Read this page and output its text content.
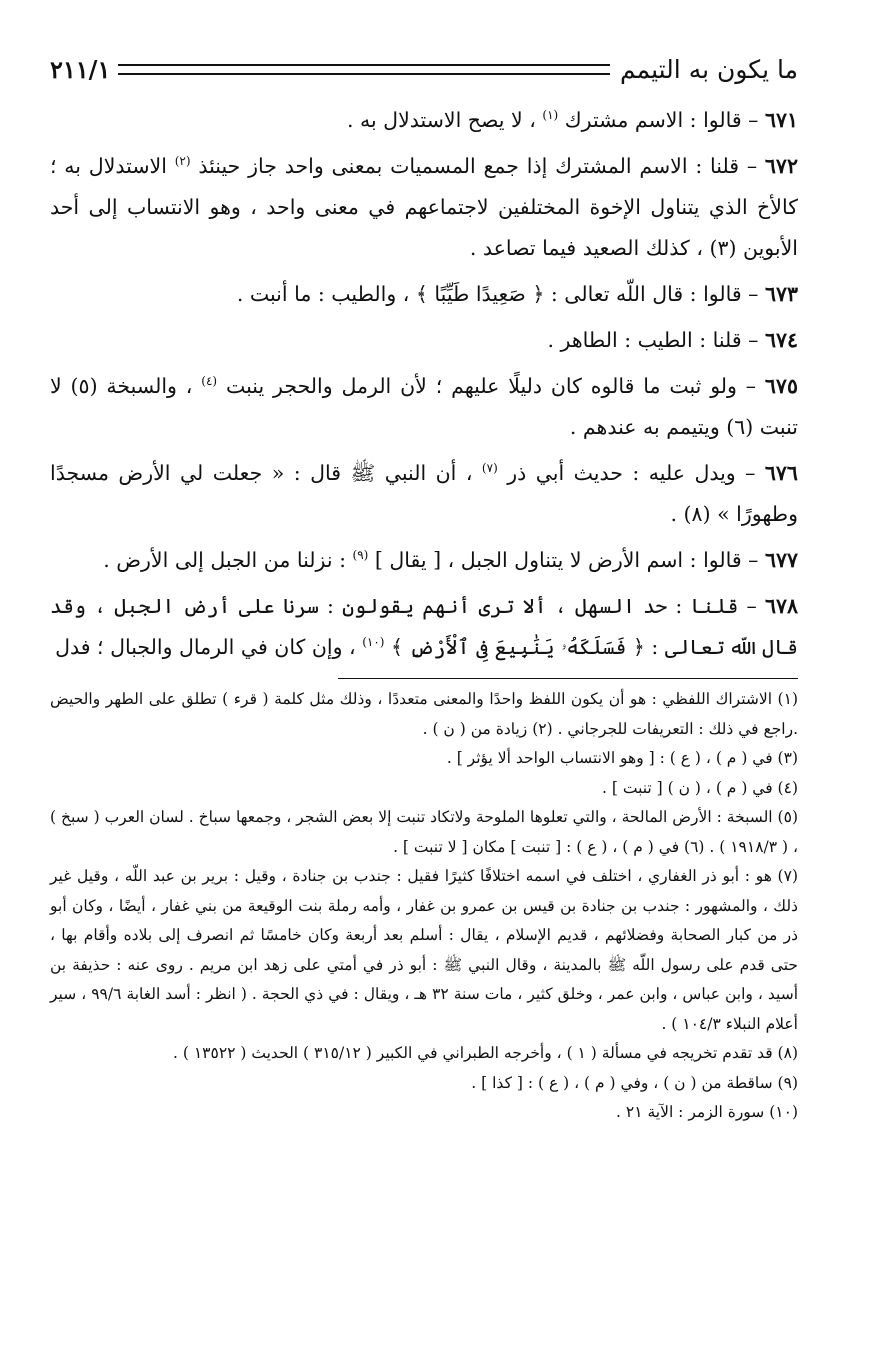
ما يكون به التيمم
٢١١/١

٦٧١ – قالوا : الاسم مشترك $^{(١)}$ ، لا يصح الاستدلال به .

٦٧٢ – قلنا : الاسم المشترك إذا جمع المسميات بمعنى واحد جاز حينئذ $^{(٢)}$ الاستدلال به ؛ كالأخ الذي يتناول الإخوة المختلفين لاجتماعهم في معنى واحد ، وهو الانتساب إلى أحد الأبوين (٣) ، كذلك الصعيد فيما تصاعد .

٦٧٣ – قالوا : قال اللّه تعالى : ﴿ صَعِيدًا طَيِّبًا ﴾ ، والطيب : ما أنبت .

٦٧٤ – قلنا : الطيب : الطاهر .

٦٧٥ – ولو ثبت ما قالوه كان دليلًا عليهم ؛ لأن الرمل والحجر ينبت $^{(٤)}$ ، والسبخة (٥) لا تنبت (٦) ويتيمم به عندهم .

٦٧٦ – ويدل عليه : حديث أبي ذر $^{(٧)}$ ، أن النبي ﷺ قال : « جعلت لي الأرض مسجدًا وطهورًا » (٨) .

٦٧٧ – قالوا : اسم الأرض لا يتناول الجبل ، [ يقال ] $^{(٩)}$ : نزلنا من الجبل إلى الأرض .

٦٧٨ – قلنا : حد السهل ، ألا ترى أنهم يقولون : سرنا على أرض الجبل ، وقد قال اللّه تعالى : ﴿ فَسَلَكَهُۥ يَنَٰبِيعَ فِى ٱلْأَرْضِ ﴾ $^{(١٠)}$ ، وإن كان في الرمال والجبال ؛ فدل

(١) الاشتراك اللفظي : هو أن يكون اللفظ واحدًا والمعنى متعددًا ، وذلك مثل كلمة ( قرء ) تطلق على الطهر والحيض .راجع في ذلك : التعريفات للجرجاني . (٢) زيادة من ( ن ) .

(٣) في ( م ) ، ( ع ) : [ وهو الانتساب الواحد ألا يؤثر ] .

(٤) في ( م ) ، ( ن ) [ تنبت ] .

(٥) السبخة : الأرض المالحة ، والتي تعلوها الملوحة ولاتكاد تنبت إلا بعض الشجر ، وجمعها سباخ . لسان العرب ( سبخ ) ، ( ١٩١٨/٣ ) . (٦) في ( م ) ، ( ع ) : [ تنبت ] مكان [ لا تنبت ] .

(٧) هو : أبو ذر الغفاري ، اختلف في اسمه اختلافًا كثيرًا فقيل : جندب بن جنادة ، وقيل : برير بن عبد اللّه ، وقيل غير ذلك ، والمشهور : جندب بن جنادة بن قيس بن عمرو بن غفار ، وأمه رملة بنت الوقيعة من بني غفار ، أيضًا ، وكان أبو ذر من كبار الصحابة وفضلائهم ، قديم الإسلام ، يقال : أسلم بعد أربعة وكان خامسًا ثم انصرف إلى بلاده وأقام بها ، حتى قدم على رسول اللّه ﷺ بالمدينة ، وقال النبي ﷺ : أبو ذر في أمتي على زهد ابن مريم . روى عنه : حذيفة بن أسيد ، وابن عباس ، وابن عمر ، وخلق كثير ، مات سنة ٣٢ هـ ، ويقال : في ذي الحجة . ( انظر : أسد الغابة ٩٩/٦ ، سير أعلام النبلاء ١٠٤/٣ ) .

(٨) قد تقدم تخريجه في مسألة ( ١ ) ، وأخرجه الطبراني في الكبير ( ٣١٥/١٢ ) الحديث ( ١٣٥٢٢ ) .

(٩) ساقطة من ( ن ) ، وفي ( م ) ، ( ع ) : [ كذا ] .

(١٠) سورة الزمر : الآية ٢١ .
